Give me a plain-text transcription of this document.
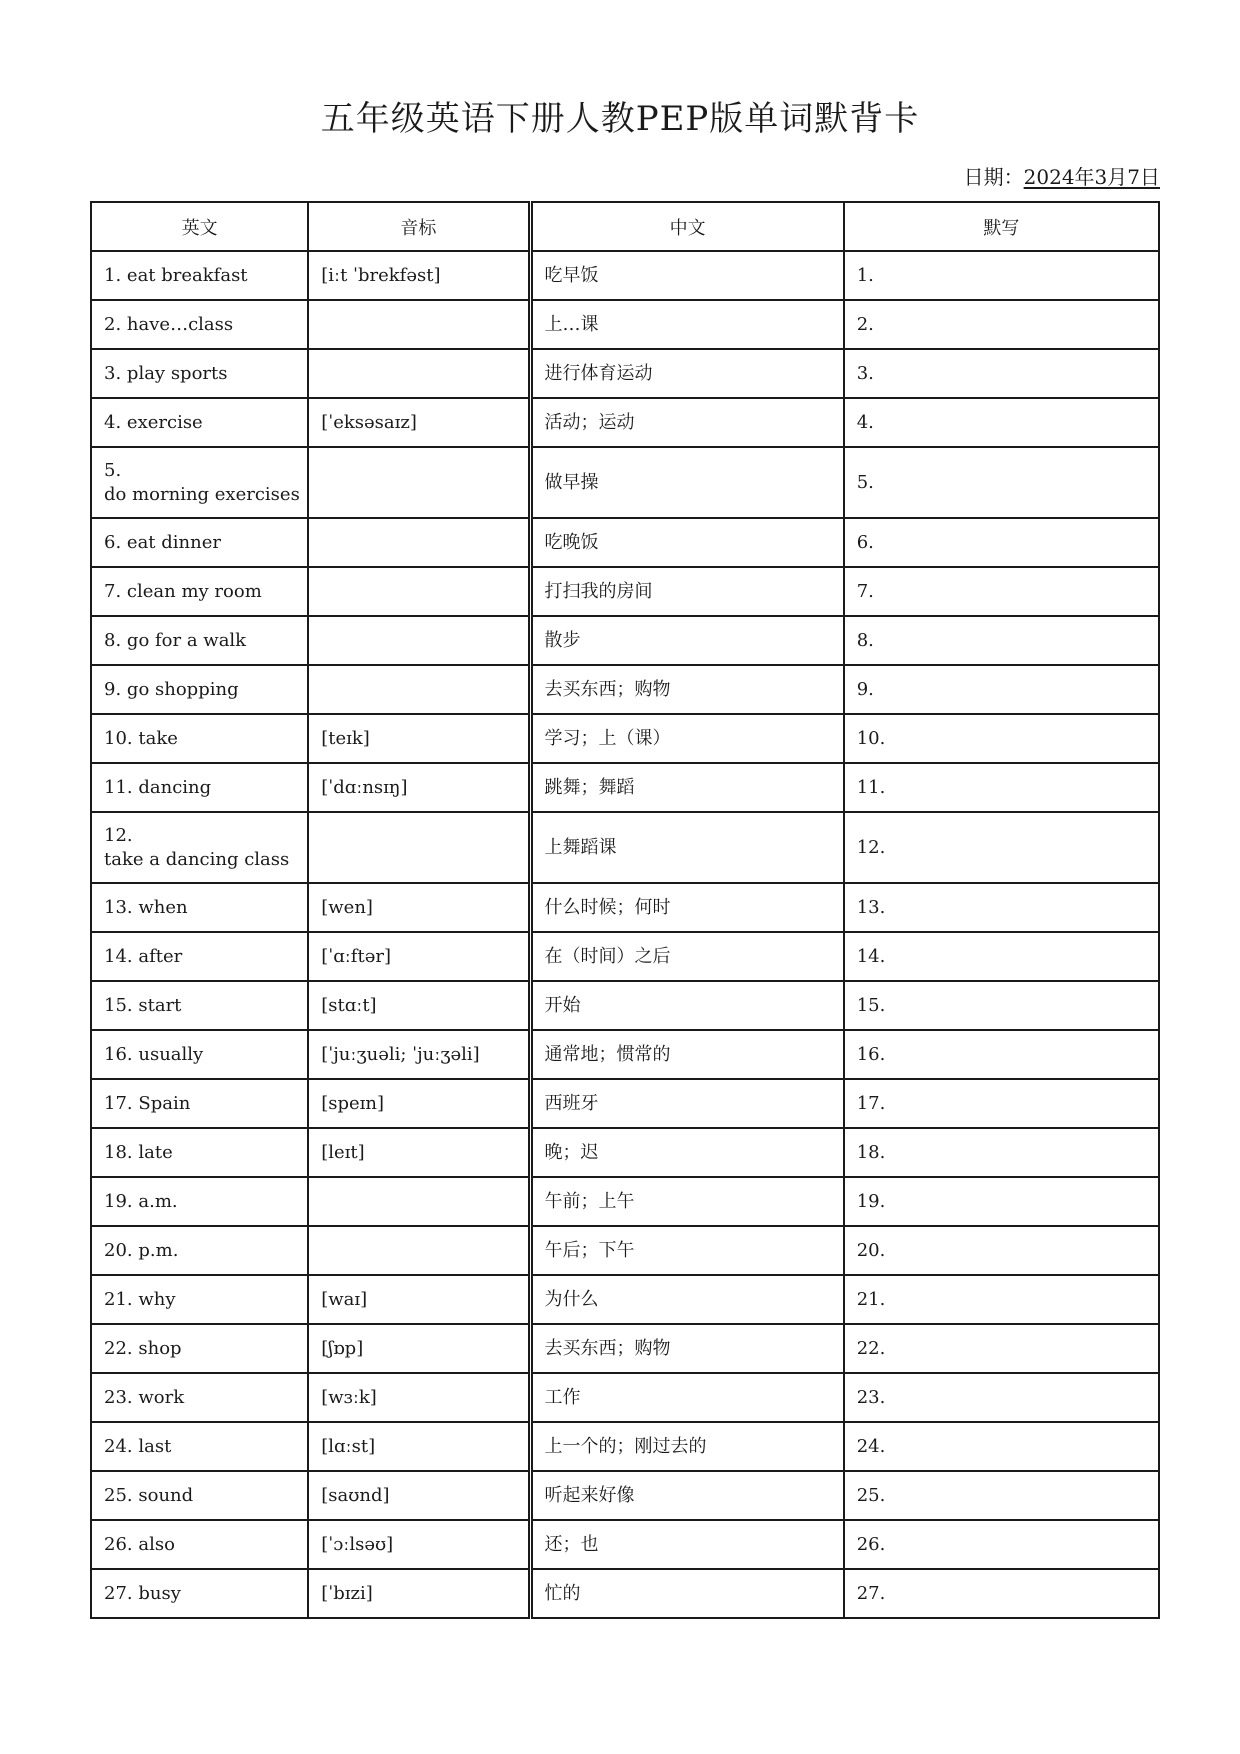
五年级英语下册人教PEP版单词默背卡
日期：2024年3月7日
英文	音标	中文	默写
1. eat breakfast	[iːt ˈbrekfəst]	吃早饭	1.
2. have…class		上…课	2.
3. play sports		进行体育运动	3.
4. exercise	[ˈeksəsaɪz]	活动；运动	4.

5.
do morning exercises		做早操	5.
6. eat dinner		吃晚饭	6.
7. clean my room		打扫我的房间	7.
8. go for a walk		散步	8.
9. go shopping		去买东西；购物	9.
10. take	[teɪk]	学习；上（课）	10.
11. dancing	[ˈdɑːnsɪŋ]	跳舞；舞蹈	11.

12.
take a dancing class		上舞蹈课	12.
13. when	[wen]	什么时候；何时	13.
14. after	[ˈɑːftər]	在（时间）之后	14.
15. start	[stɑːt]	开始	15.
16. usually	[ˈjuːʒuəli; ˈjuːʒəli]	通常地；惯常的	16.
17. Spain	[speɪn]	西班牙	17.
18. late	[leɪt]	晚；迟	18.
19. a.m.		午前；上午	19.
20. p.m.		午后；下午	20.
21. why	[waɪ]	为什么	21.
22. shop	[ʃɒp]	去买东西；购物	22.
23. work	[wɜːk]	工作	23.
24. last	[lɑːst]	上一个的；刚过去的	24.
25. sound	[saʊnd]	听起来好像	25.
26. also	[ˈɔːlsəʊ]	还；也	26.
27. busy	[ˈbɪzi]	忙的	27.
